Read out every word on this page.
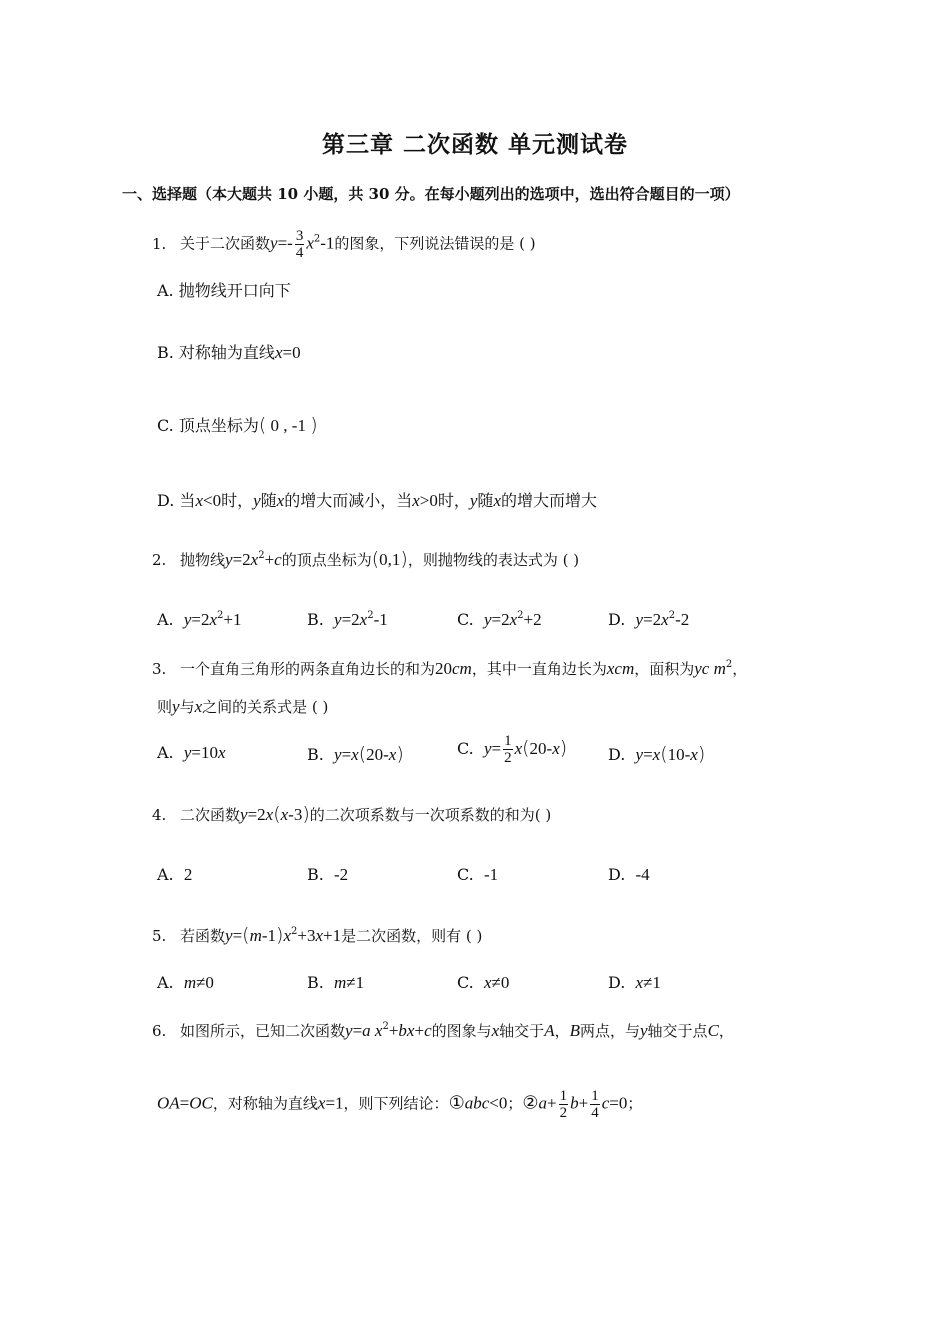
第三章 二次函数 单元测试卷
一、选择题（本大题共 10 小题，共 30 分。在每小题列出的选项中，选出符合题目的一项）
1. 关于二次函数$y=- \frac{3}{4} x^2-1$的图象，下列说法错误的是 ( )
A. 抛物线开口向下
B. 对称轴为直线x=0
C. 顶点坐标为( 0 , -1 )
D. 当x<0时，y随x的增大而减小，当x>0时，y随x的增大而增大
2. 抛物线$y=2x^2+c$的顶点坐标为(0,1)，则抛物线的表达式为 ( )
A. $y=2x^2+1$	B. $y=2x^2-1$	C. $y=2x^2+2$	D. $y=2x^2-2$
3. 一个直角三角形的两条直角边长的和为20cm，其中一直角边长为xcm，面积为yc $m^2$，
则y与x之间的关系式是 ( )
A. y=10x	B. y=x(20-x)	C. $y= \frac{1}{2} x(20-x)$	D. y=x(10-x)
4. 二次函数y=2x(x-3)的二次项系数与一次项系数的和为( )
A. 2	B. -2	C. -1	D. -4
5. 若函数$y=(m-1)x^2+3x+1$是二次函数，则有 ( )
A. m≠0	B. m≠1	C. x≠0	D. x≠1
6. 如图所示，已知二次函数y=a $x^2+bx+c$的图象与x轴交于A，B两点，与y轴交于点C，
OA=OC，对称轴为直线x=1，则下列结论：①abc<0；②a+ $\frac{1}{2} b+ \frac{1}{4} c=0$；
